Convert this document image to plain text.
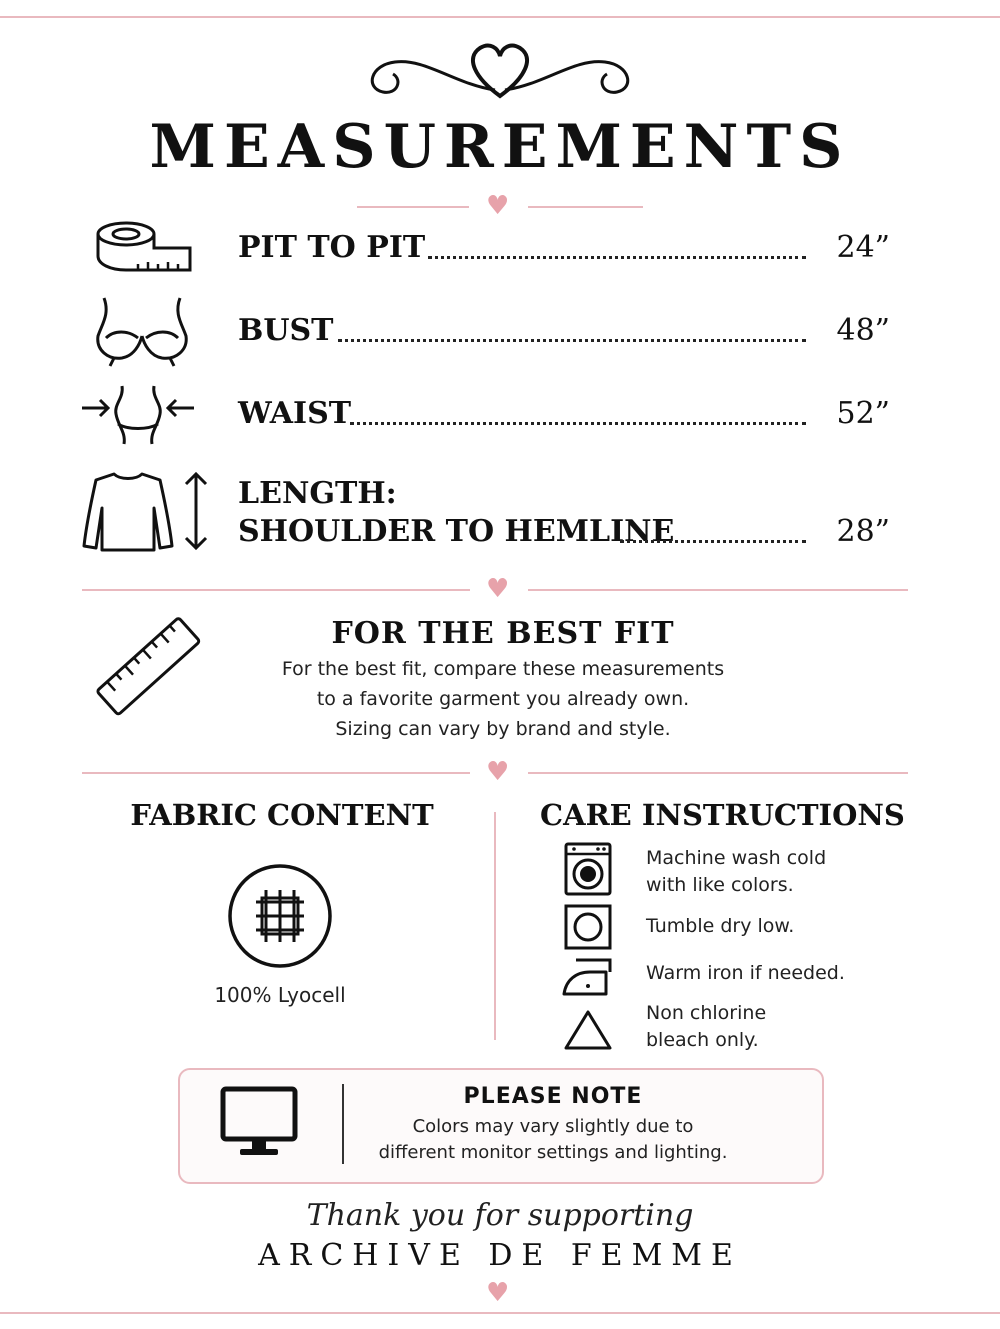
MEASUREMENTS
♥
PIT TO PIT	24”
BUST	48”
WAIST	52”
LENGTH:
SHOULDER TO HEMLINE	28”
♥
FOR THE BEST FIT
For the best fit, compare these measurements
to a favorite garment you already own.
Sizing can vary by brand and style.
♥
FABRIC CONTENT
100% Lyocell
CARE INSTRUCTIONS
Machine wash cold
with like colors.
Tumble dry low.
Warm iron if needed.
Non chlorine
bleach only.
PLEASE NOTE
Colors may vary slightly due to
different monitor settings and lighting.
Thank you for supporting
ARCHIVE DE FEMME
♥
